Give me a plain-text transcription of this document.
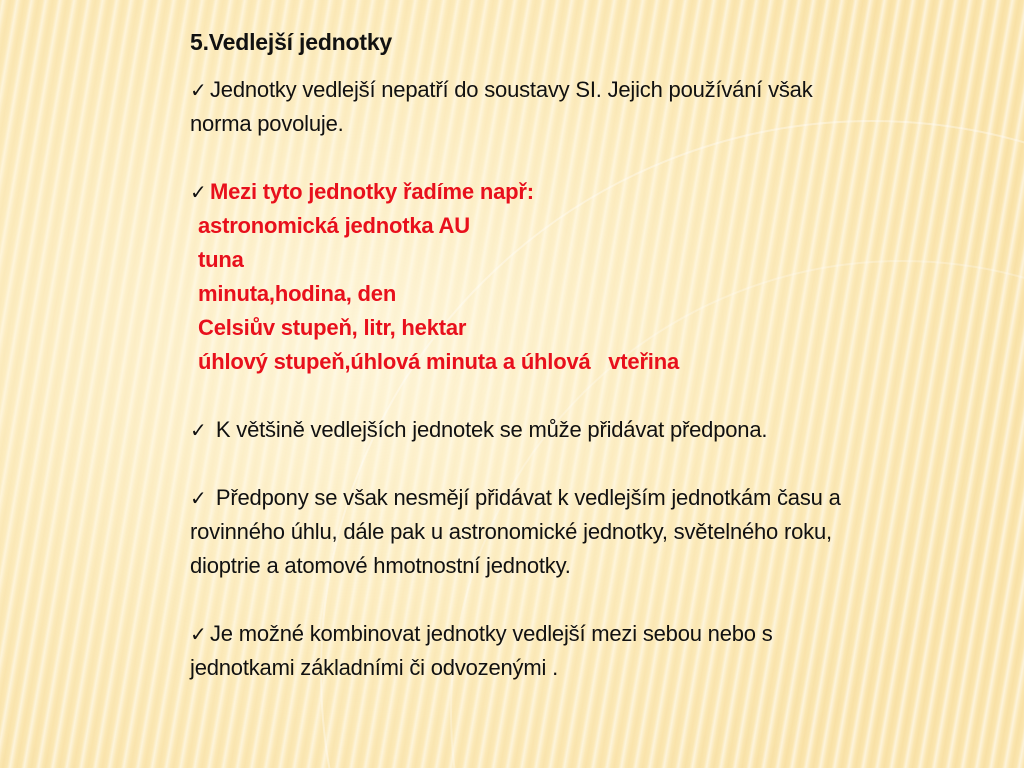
5.Vedlejší jednotky
✓ Jednotky vedlejší nepatří do soustavy SI. Jejich používání však
norma povoluje.
✓ Mezi tyto jednotky řadíme např:
astronomická jednotka AU
tuna
minuta,hodina, den
Celsiův stupeň, litr, hektar
úhlový stupeň,úhlová minuta a úhlová   vteřina
✓ K většině vedlejších jednotek se může přidávat předpona.
✓ Předpony se však nesmějí přidávat k vedlejším jednotkám času a
rovinného úhlu, dále pak u astronomické jednotky, světelného roku,
dioptrie a atomové hmotnostní jednotky.
✓ Je možné kombinovat jednotky vedlejší mezi sebou nebo s
jednotkami základními či odvozenými .
